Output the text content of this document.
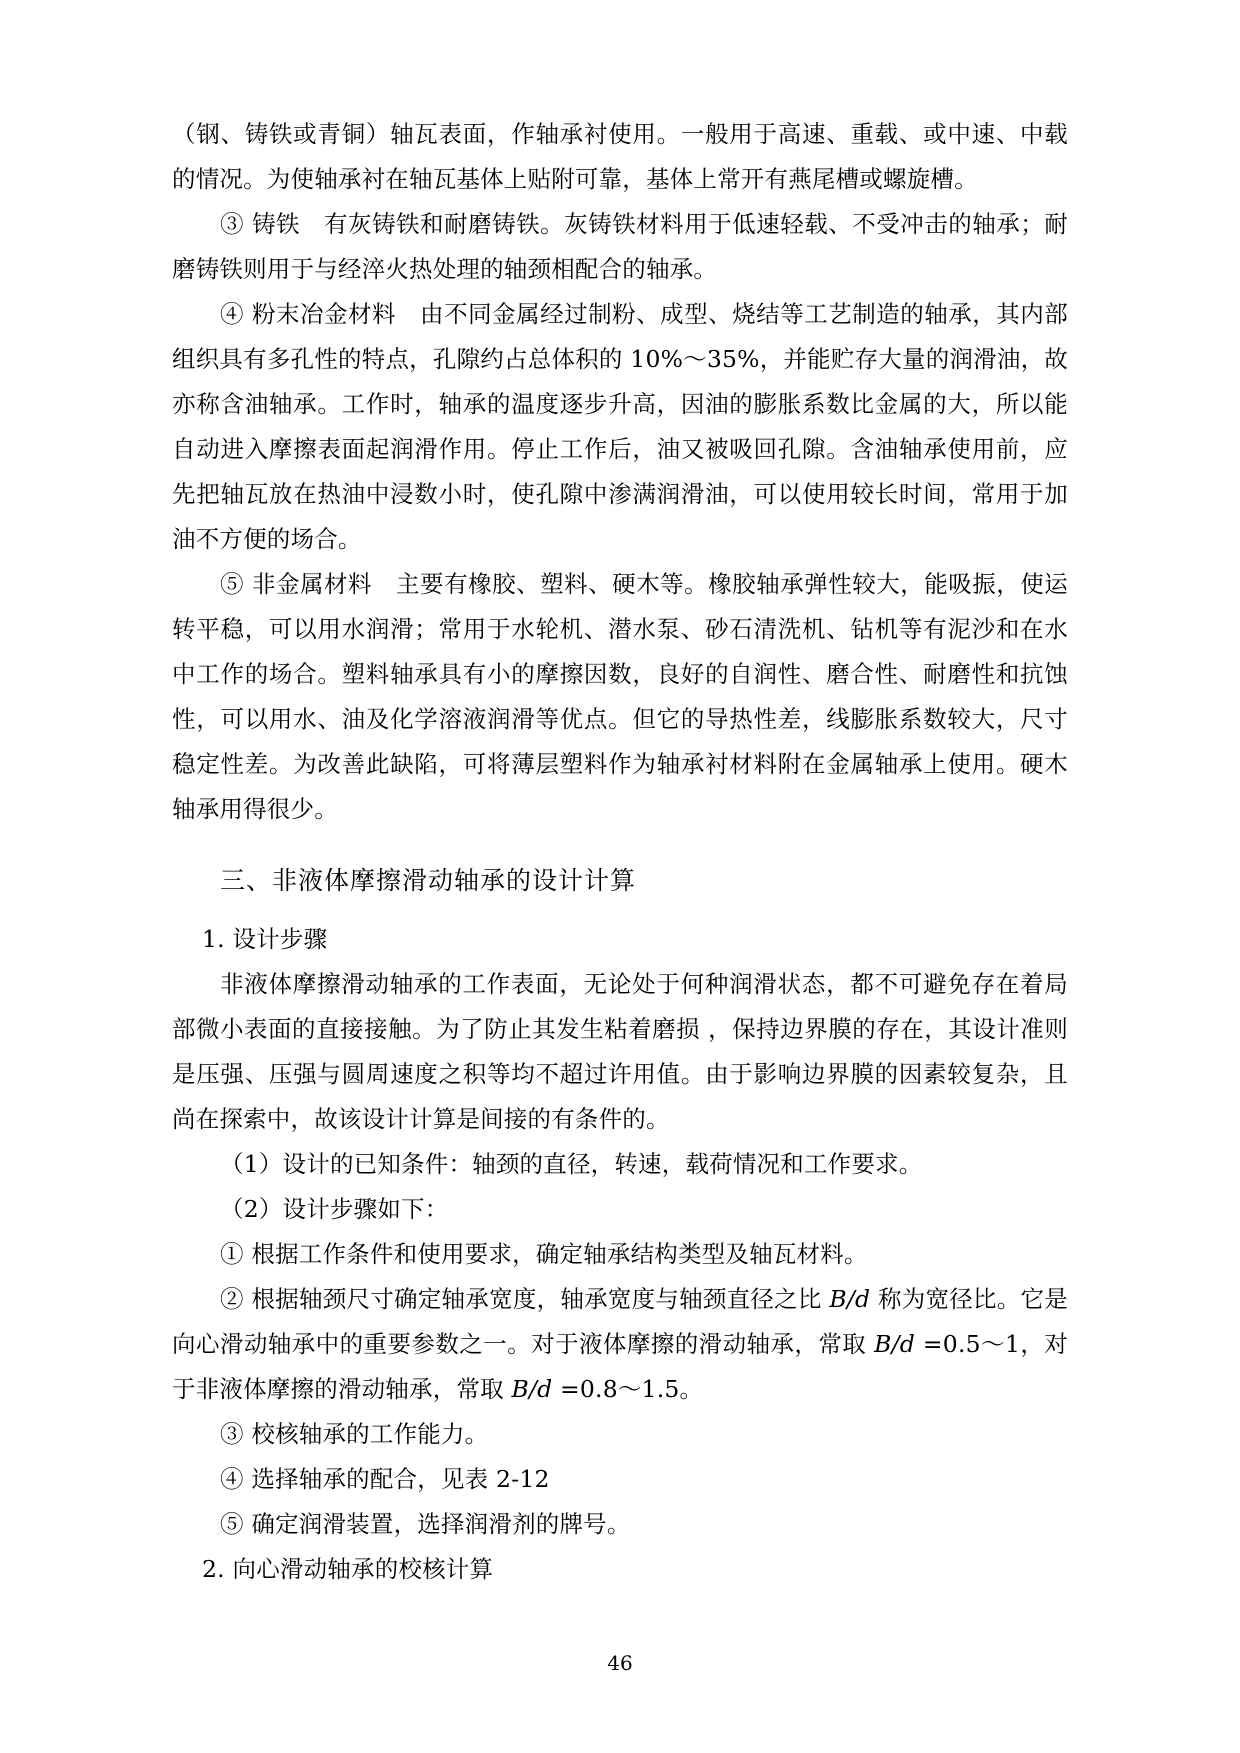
（钢、铸铁或青铜）轴瓦表面，作轴承衬使用。一般用于高速、重载、或中速、中载的情况。为使轴承衬在轴瓦基体上贴附可靠，基体上常开有燕尾槽或螺旋槽。

③ 铸铁　有灰铸铁和耐磨铸铁。灰铸铁材料用于低速轻载、不受冲击的轴承；耐磨铸铁则用于与经淬火热处理的轴颈相配合的轴承。

④ 粉末冶金材料　由不同金属经过制粉、成型、烧结等工艺制造的轴承，其内部组织具有多孔性的特点，孔隙约占总体积的 10%～35%，并能贮存大量的润滑油，故亦称含油轴承。工作时，轴承的温度逐步升高，因油的膨胀系数比金属的大，所以能自动进入摩擦表面起润滑作用。停止工作后，油又被吸回孔隙。含油轴承使用前，应先把轴瓦放在热油中浸数小时，使孔隙中渗满润滑油，可以使用较长时间，常用于加油不方便的场合。

⑤ 非金属材料　主要有橡胶、塑料、硬木等。橡胶轴承弹性较大，能吸振，使运转平稳，可以用水润滑；常用于水轮机、潜水泵、砂石清洗机、钻机等有泥沙和在水中工作的场合。塑料轴承具有小的摩擦因数，良好的自润性、磨合性、耐磨性和抗蚀性，可以用水、油及化学溶液润滑等优点。但它的导热性差，线膨胀系数较大，尺寸稳定性差。为改善此缺陷，可将薄层塑料作为轴承衬材料附在金属轴承上使用。硬木轴承用得很少。

三、非液体摩擦滑动轴承的设计计算

1. 设计步骤

非液体摩擦滑动轴承的工作表面，无论处于何种润滑状态，都不可避免存在着局部微小表面的直接接触。为了防止其发生粘着磨损 ，保持边界膜的存在，其设计准则是压强、压强与圆周速度之积等均不超过许用值。由于影响边界膜的因素较复杂，且尚在探索中，故该设计计算是间接的有条件的。

（1）设计的已知条件：轴颈的直径，转速，载荷情况和工作要求。

（2）设计步骤如下：

① 根据工作条件和使用要求，确定轴承结构类型及轴瓦材料。

② 根据轴颈尺寸确定轴承宽度，轴承宽度与轴颈直径之比 B/d 称为宽径比。它是向心滑动轴承中的重要参数之一。对于液体摩擦的滑动轴承，常取 B/d =0.5～1，对于非液体摩擦的滑动轴承，常取 B/d =0.8～1.5。

③ 校核轴承的工作能力。

④ 选择轴承的配合，见表 2-12

⑤ 确定润滑装置，选择润滑剂的牌号。

2. 向心滑动轴承的校核计算

46
